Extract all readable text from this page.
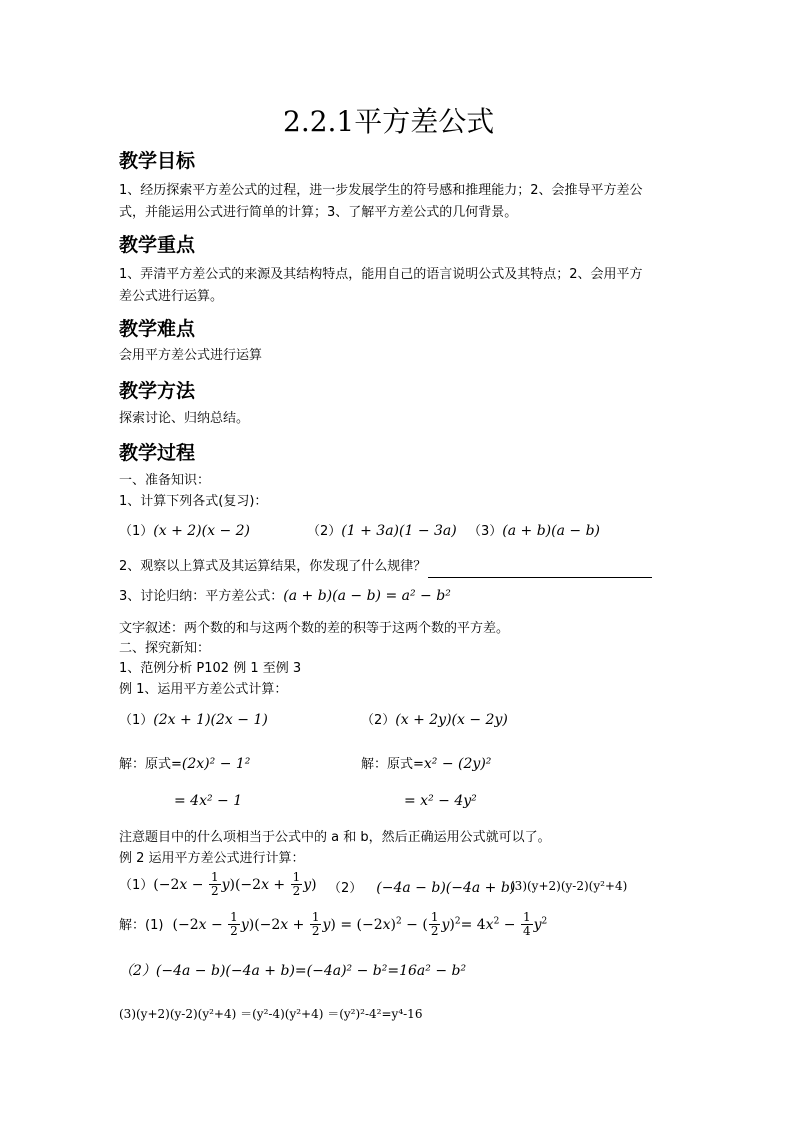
2.2.1平方差公式
教学目标
1、经历探索平方差公式的过程，进一步发展学生的符号感和推理能力；2、会推导平方差公
式，并能运用公式进行简单的计算；3、了解平方差公式的几何背景。
教学重点
1、弄清平方差公式的来源及其结构特点，能用自己的语言说明公式及其特点；2、会用平方
差公式进行运算。
教学难点
会用平方差公式进行运算
教学方法
探索讨论、归纳总结。
教学过程
一、准备知识：
1、计算下列各式(复习)：
（1）(x + 2)(x − 2)	（2）(1 + 3a)(1 − 3a) （3）(a + b)(a − b)
2、观察以上算式及其运算结果，你发现了什么规律？
3、讨论归纳：平方差公式：(a + b)(a − b) = a² − b²
文字叙述：两个数的和与这两个数的差的积等于这两个数的平方差。
二、探究新知：
1、范例分析 P102 例 1 至例 3
例 1、运用平方差公式计算：
（1）(2x + 1)(2x − 1)	（2）(x + 2y)(x − 2y)
解：原式=(2x)² − 1²	解：原式=x² − (2y)²
= 4x² − 1	= x² − 4y²
注意题目中的什么项相当于公式中的 a 和 b，然后正确运用公式就可以了。
例 2 运用平方差公式进行计算：
$(1)(-2x - \frac{1}{2} y)(-2x + \frac{1}{2} y)$ （2） (−4a − b)(−4a + b)
(3)(y+2)(y-2)(y²+4)
解：(1) $(-2x - \frac{1}{2} y)(-2x + \frac{1}{2} y) = (-2x)^2$ − ( $\frac{1}{2} y)^2= 4x^2 - \frac{1}{4} y^2$
（2）(−4a − b)(−4a + b)=(−4a)² − b²=16a² − b²
(3)(y+2)(y-2)(y²+4) ＝(y²-4)(y²+4) ＝(y²)²-4²=y⁴-16
